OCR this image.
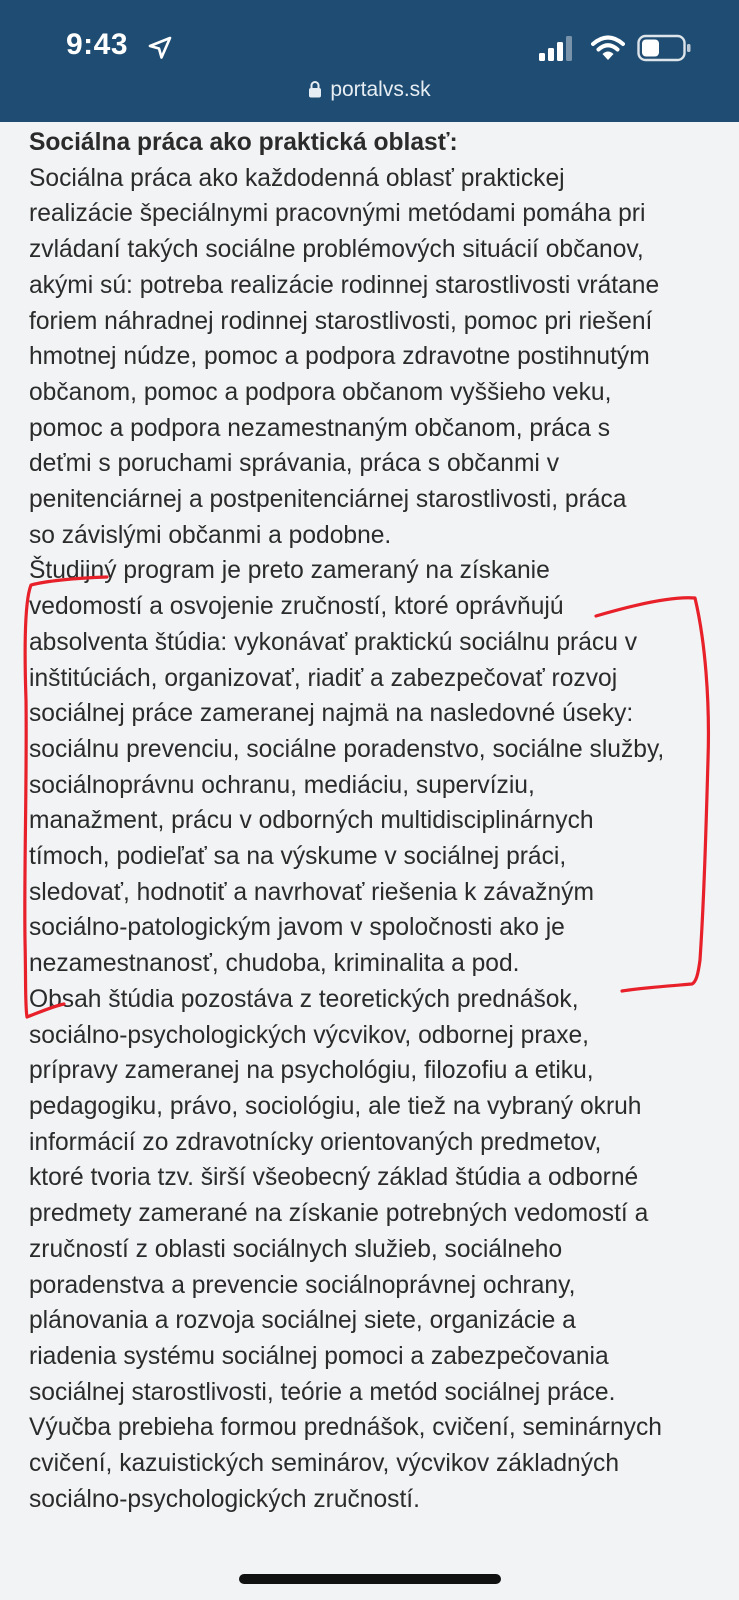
9:43
portalvs.sk
Sociálna práca ako praktická oblasť:
Sociálna práca ako každodenná oblasť praktickej
realizácie špeciálnymi pracovnými metódami pomáha pri
zvládaní takých sociálne problémových situácií občanov,
akými sú: potreba realizácie rodinnej starostlivosti vrátane
foriem náhradnej rodinnej starostlivosti, pomoc pri riešení
hmotnej núdze, pomoc a podpora zdravotne postihnutým
občanom, pomoc a podpora občanom vyššieho veku,
pomoc a podpora nezamestnaným občanom, práca s
deťmi s poruchami správania, práca s občanmi v
penitenciárnej a postpenitenciárnej starostlivosti, práca
so závislými občanmi a podobne.
Študijný program je preto zameraný na získanie
vedomostí a osvojenie zručností, ktoré oprávňujú
absolventa štúdia: vykonávať praktickú sociálnu prácu v
inštitúciách, organizovať, riadiť a zabezpečovať rozvoj
sociálnej práce zameranej najmä na nasledovné úseky:
sociálnu prevenciu, sociálne poradenstvo, sociálne služby,
sociálnoprávnu ochranu, mediáciu, supervíziu,
manažment, prácu v odborných multidisciplinárnych
tímoch, podieľať sa na výskume v sociálnej práci,
sledovať, hodnotiť a navrhovať riešenia k závažným
sociálno-patologickým javom v spoločnosti ako je
nezamestnanosť, chudoba, kriminalita a pod.
Obsah štúdia pozostáva z teoretických prednášok,
sociálno-psychologických výcvikov, odbornej praxe,
prípravy zameranej na psychológiu, filozofiu a etiku,
pedagogiku, právo, sociológiu, ale tiež na vybraný okruh
informácií zo zdravotnícky orientovaných predmetov,
ktoré tvoria tzv. širší všeobecný základ štúdia a odborné
predmety zamerané na získanie potrebných vedomostí a
zručností z oblasti sociálnych služieb, sociálneho
poradenstva a prevencie sociálnoprávnej ochrany,
plánovania a rozvoja sociálnej siete, organizácie a
riadenia systému sociálnej pomoci a zabezpečovania
sociálnej starostlivosti, teórie a metód sociálnej práce.
Výučba prebieha formou prednášok, cvičení, seminárnych
cvičení, kazuistických seminárov, výcvikov základných
sociálno-psychologických zručností.
